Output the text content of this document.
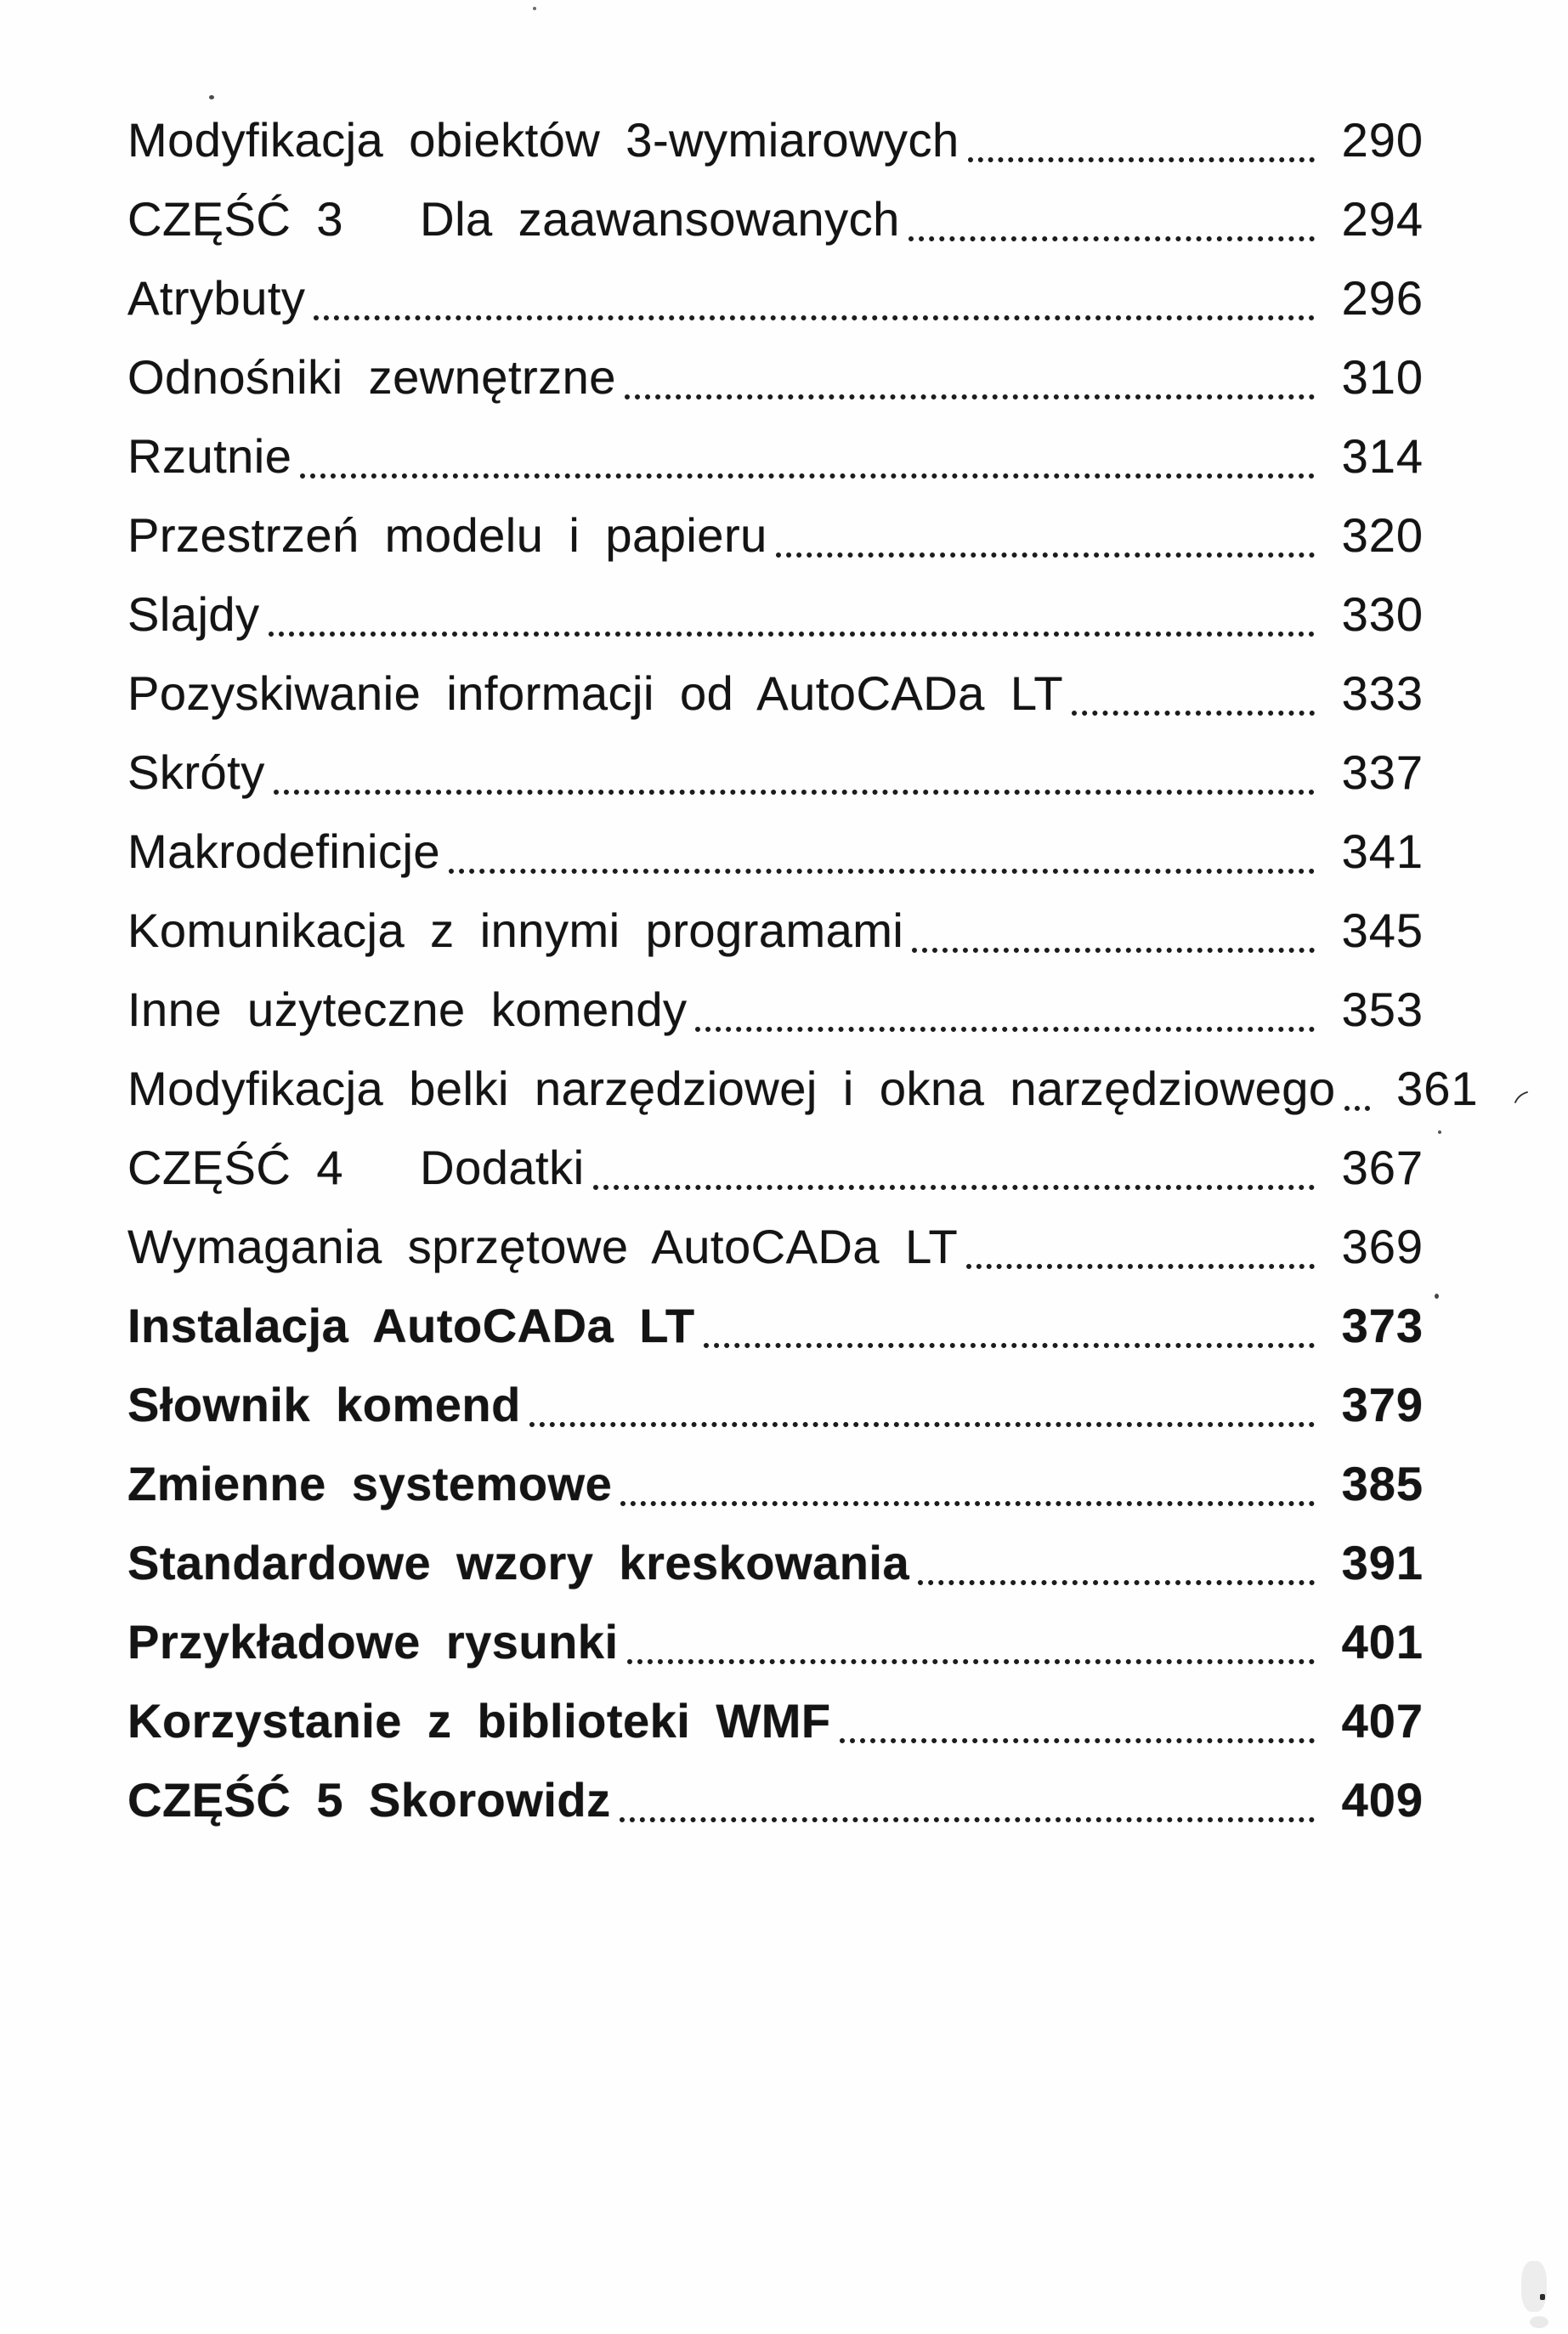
Modyfikacja obiektów 3-wymiarowych	290
CZĘŚĆ 3   Dla zaawansowanych	294
Atrybuty	296
Odnośniki zewnętrzne	310
Rzutnie	314
Przestrzeń modelu i papieru	320
Slajdy	330
Pozyskiwanie informacji od AutoCADa LT	333
Skróty	337
Makrodefinicje	341
Komunikacja z innymi programami	345
Inne użyteczne komendy	353
Modyfikacja belki narzędziowej i okna narzędziowego	361
CZĘŚĆ 4   Dodatki	367
Wymagania sprzętowe AutoCADa LT	369
Instalacja AutoCADa LT	373
Słownik komend	379
Zmienne systemowe	385
Standardowe wzory kreskowania	391
Przykładowe rysunki	401
Korzystanie z biblioteki WMF	407
CZĘŚĆ 5 Skorowidz	409
